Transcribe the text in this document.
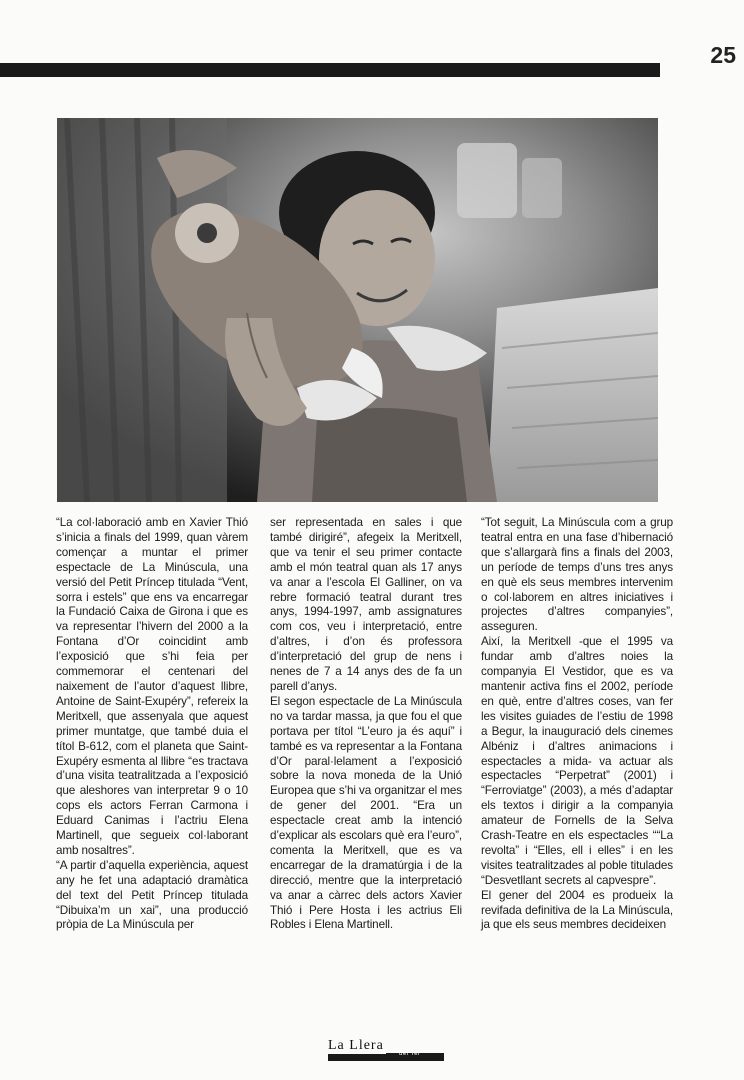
25

“La col·laboració amb en Xavier Thió s’inicia a finals del 1999, quan vàrem començar a muntar el primer espectacle de La Minúscula, una versió del Petit Príncep titulada “Vent, sorra i estels” que ens va encarregar la Fundació Caixa de Girona i que es va representar l’hivern del 2000 a la Fontana d’Or coincidint amb l’exposició que s’hi feia per commemorar el centenari del naixement de l’autor d’aquest llibre, Antoine de Saint-Exupéry”, refereix la Meritxell, que assenyala que aquest primer muntatge, que també duia el títol B-612, com el planeta que Saint-Exupéry esmenta al llibre “es tractava d’una visita teatralitzada a l’exposició que aleshores van interpretar 9 o 10 cops els actors Ferran Carmona i Eduard Canimas i l’actriu Elena Martinell, que segueix col·laborant amb nosaltres”.

“A partir d’aquella experiència, aquest any he fet una adaptació dramàtica del text del Petit Príncep titulada “Dibuixa’m un xai”, una producció pròpia de La Minúscula per

ser representada en sales i que també dirigiré”, afegeix la Meritxell, que va tenir el seu primer contacte amb el món teatral quan als 17 anys va anar a l’escola El Galliner, on va rebre formació teatral durant tres anys, 1994-1997, amb assignatures com cos, veu i interpretació, entre d’altres, i d’on és professora d’interpretació del grup de nens i nenes de 7 a 14 anys des de fa un parell d’anys.

El segon espectacle de La Minúscula no va tardar massa, ja que fou el que portava per títol “L’euro ja és aquí” i també es va representar a la Fontana d’Or paral·lelament a l’exposició sobre la nova moneda de la Unió Europea que s’hi va organitzar el mes de gener del 2001. “Era un espectacle creat amb la intenció d’explicar als escolars què era l’euro”, comenta la Meritxell, que es va encarregar de la dramatúrgia i de la direcció, mentre que la interpretació va anar a càrrec dels actors Xavier Thió i Pere Hosta i les actrius Eli Robles i Elena Martinell.

“Tot seguit, La Minúscula com a grup teatral entra en una fase d’hibernació que s’allargarà fins a finals del 2003, un període de temps d’uns tres anys en què els seus membres intervenim o col·laborem en altres iniciatives i projectes d’altres companyies”, asseguren.

Així, la Meritxell -que el 1995 va fundar amb d’altres noies la companyia El Vestidor, que es va mantenir activa fins el 2002, període en què, entre d’altres coses, van fer les visites guiades de l’estiu de 1998 a Begur, la inauguració dels cinemes Albéniz i d’altres animacions i espectacles a mida- va actuar als espectacles “Perpetrat” (2001) i “Ferroviatge” (2003), a més d’adaptar els textos i dirigir a la companyia amateur de Fornells de la Selva Crash-Teatre en els espectacles ““La revolta” i “Elles, ell i elles” i en les visites teatralitzades al poble titulades “Desvetllant secrets al capvespre”.

El gener del 2004 es produeix la revifada definitiva de la La Minúscula, ja que els seus membres decideixen

La Llera
del Ter
